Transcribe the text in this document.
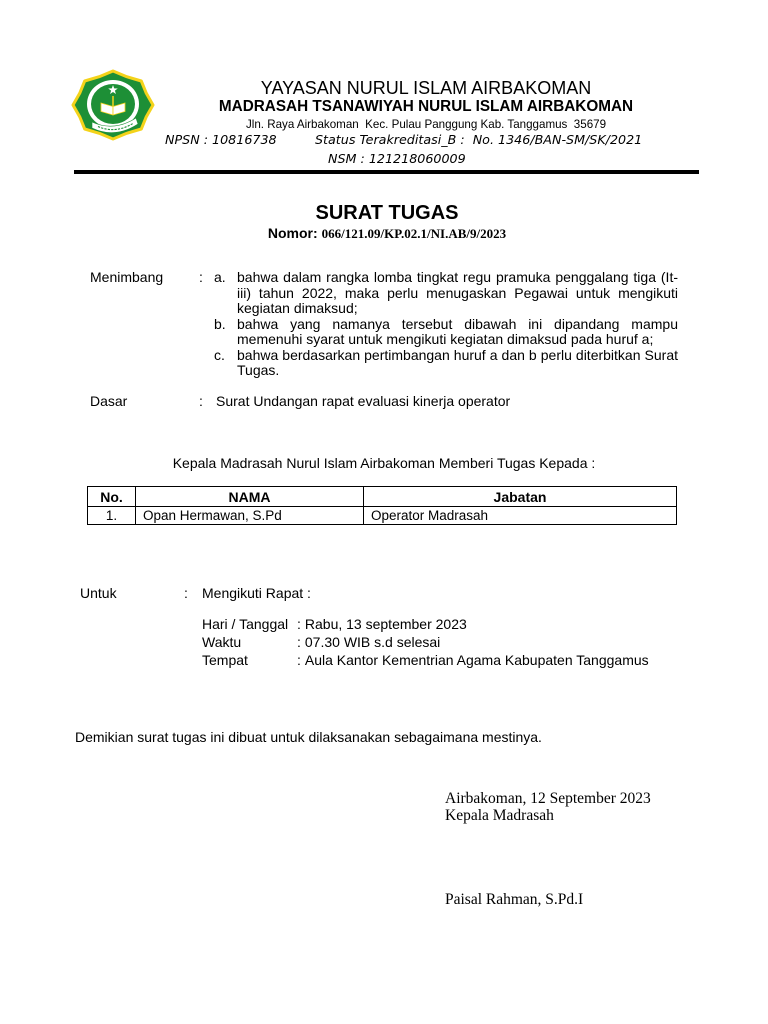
YAYASAN NURUL ISLAM AIRBAKOMAN
MADRASAH TSANAWIYAH NURUL ISLAM AIRBAKOMAN
Jln. Raya Airbakoman  Kec. Pulau Panggung Kab. Tanggamus  35679
NPSN : 10816738	Status Terakreditasi_B :  No. 1346/BAN-SM/SK/2021
NSM : 121218060009
SURAT TUGAS
Nomor: 066/121.09/KP.02.1/NI.AB/9/2023
Menimbang	: a. bahwa dalam rangka lomba tingkat regu pramuka penggalang tiga (It-iii) tahun 2022, maka perlu menugaskan Pegawai untuk mengikuti kegiatan dimaksud;
b. bahwa yang namanya tersebut dibawah ini dipandang mampu memenuhi syarat untuk mengikuti kegiatan dimaksud pada huruf a;
c. bahwa berdasarkan pertimbangan huruf a dan b perlu diterbitkan Surat Tugas.
Dasar	: Surat Undangan rapat evaluasi kinerja operator
Kepala Madrasah Nurul Islam Airbakoman Memberi Tugas Kepada :
No.	NAMA	Jabatan
1.	Opan Hermawan, S.Pd	Operator Madrasah
Untuk	: Mengikuti Rapat :
Hari / Tanggal : Rabu, 13 september 2023
Waktu	: 07.30 WIB s.d selesai
Tempat	: Aula Kantor Kementrian Agama Kabupaten Tanggamus
Demikian surat tugas ini dibuat untuk dilaksanakan sebagaimana mestinya.
Airbakoman, 12 September 2023
Kepala Madrasah
Paisal Rahman, S.Pd.I
